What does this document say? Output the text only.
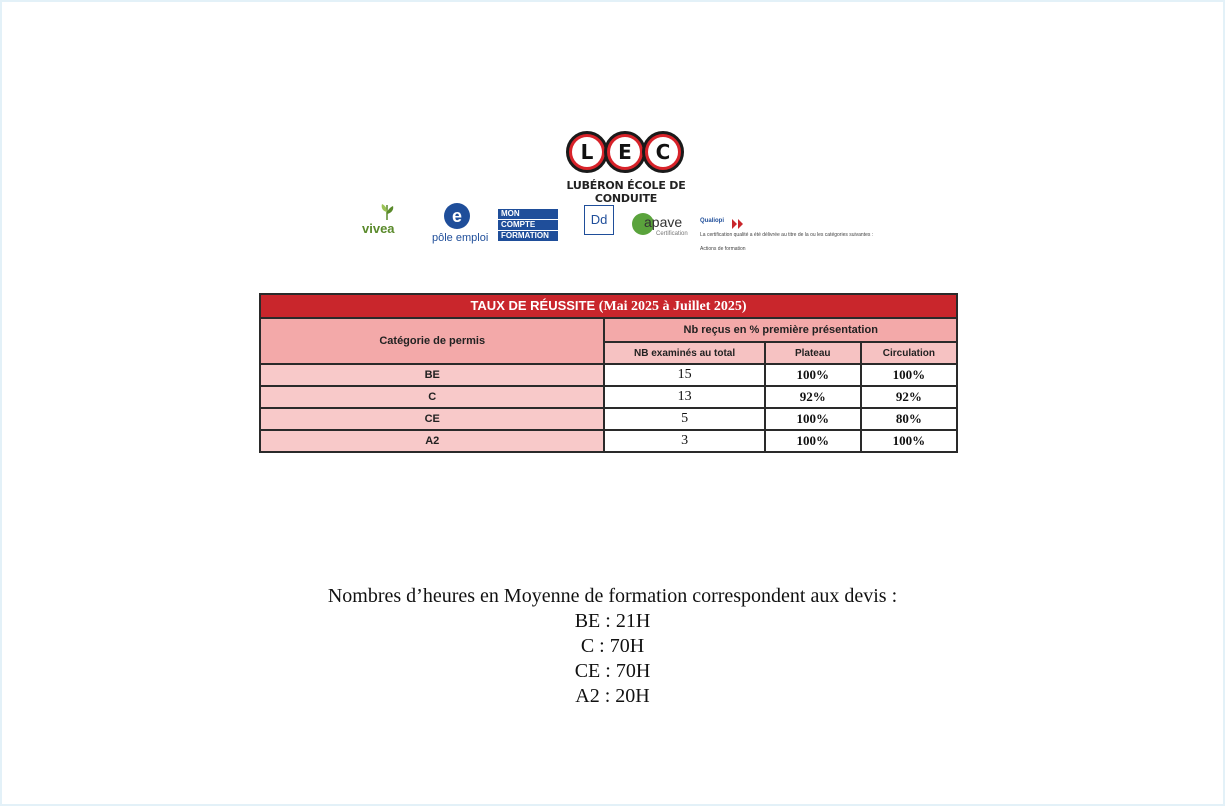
L	E	C
LUBÉRON ÉCOLE DE CONDUITE
vivea
e
pôle emploi
MON
COMPTE
FORMATION
Dd	apave
Certification
Qualiopi
La certification qualité a été délivrée au titre de la ou les catégories suivantes :
Actions de formation
TAUX DE RÉUSSITE (Mai 2025 à Juillet 2025)			
Catégorie de permis	Nb reçus en % première présentation		
	NB examinés au total	Plateau	Circulation
BE	15	100%	100%
C	13	92%	92%
CE	5	100%	80%
A2	3	100%	100%
Nombres d’heures en Moyenne de formation correspondent aux devis :
BE : 21H
C : 70H
CE : 70H
A2 : 20H
